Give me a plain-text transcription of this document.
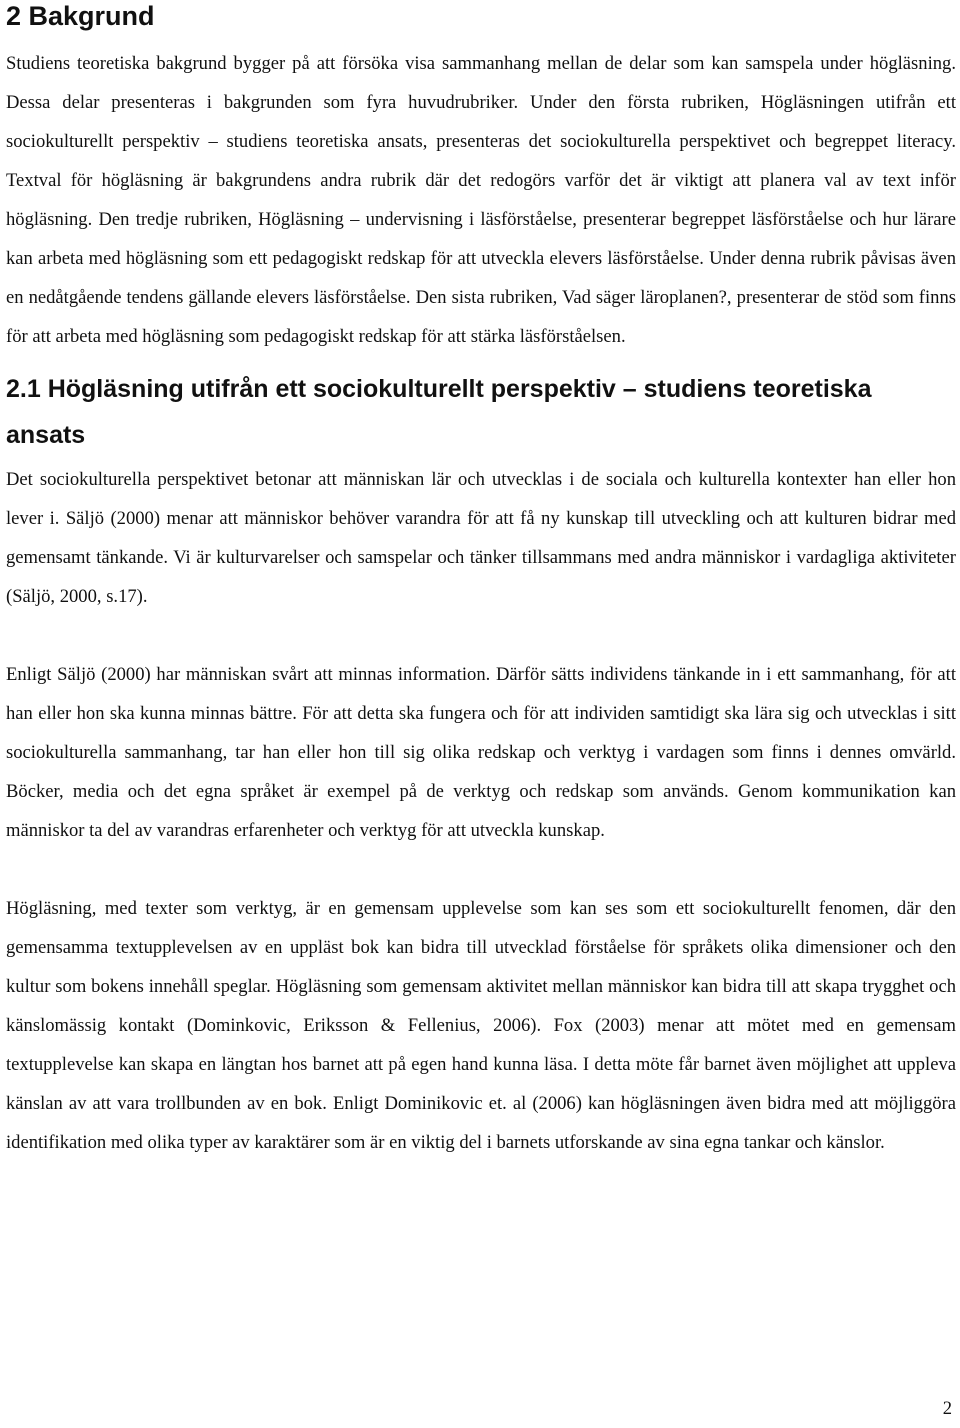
2 Bakgrund

Studiens teoretiska bakgrund bygger på att försöka visa sammanhang mellan de delar som kan samspela under högläsning. Dessa delar presenteras i bakgrunden som fyra huvudrubriker. Under den första rubriken, Högläsningen utifrån ett sociokulturellt perspektiv – studiens teoretiska ansats, presenteras det sociokulturella perspektivet och begreppet literacy. Textval för högläsning är bakgrundens andra rubrik där det redogörs varför det är viktigt att planera val av text inför högläsning. Den tredje rubriken, Högläsning – undervisning i läsförståelse, presenterar begreppet läsförståelse och hur lärare kan arbeta med högläsning som ett pedagogiskt redskap för att utveckla elevers läsförståelse. Under denna rubrik påvisas även en nedåtgående tendens gällande elevers läsförståelse. Den sista rubriken, Vad säger läroplanen?, presenterar de stöd som finns för att arbeta med högläsning som pedagogiskt redskap för att stärka läsförståelsen.

2.1 Högläsning utifrån ett sociokulturellt perspektiv – studiens teoretiska ansats

Det sociokulturella perspektivet betonar att människan lär och utvecklas i de sociala och kulturella kontexter han eller hon lever i. Säljö (2000) menar att människor behöver varandra för att få ny kunskap till utveckling och att kulturen bidrar med gemensamt tänkande. Vi är kulturvarelser och samspelar och tänker tillsammans med andra människor i vardagliga aktiviteter (Säljö, 2000, s.17).

Enligt Säljö (2000) har människan svårt att minnas information. Därför sätts individens tänkande in i ett sammanhang, för att han eller hon ska kunna minnas bättre. För att detta ska fungera och för att individen samtidigt ska lära sig och utvecklas i sitt sociokulturella sammanhang, tar han eller hon till sig olika redskap och verktyg i vardagen som finns i dennes omvärld. Böcker, media och det egna språket är exempel på de verktyg och redskap som används. Genom kommunikation kan människor ta del av varandras erfarenheter och verktyg för att utveckla kunskap.

Högläsning, med texter som verktyg, är en gemensam upplevelse som kan ses som ett sociokulturellt fenomen, där den gemensamma textupplevelsen av en uppläst bok kan bidra till utvecklad förståelse för språkets olika dimensioner och den kultur som bokens innehåll speglar. Högläsning som gemensam aktivitet mellan människor kan bidra till att skapa trygghet och känslomässig kontakt (Dominkovic, Eriksson & Fellenius, 2006). Fox (2003) menar att mötet med en gemensam textupplevelse kan skapa en längtan hos barnet att på egen hand kunna läsa. I detta möte får barnet även möjlighet att uppleva känslan av att vara trollbunden av en bok. Enligt Dominikovic et. al (2006) kan högläsningen även bidra med att möjliggöra identifikation med olika typer av karaktärer som är en viktig del i barnets utforskande av sina egna tankar och känslor.

2
